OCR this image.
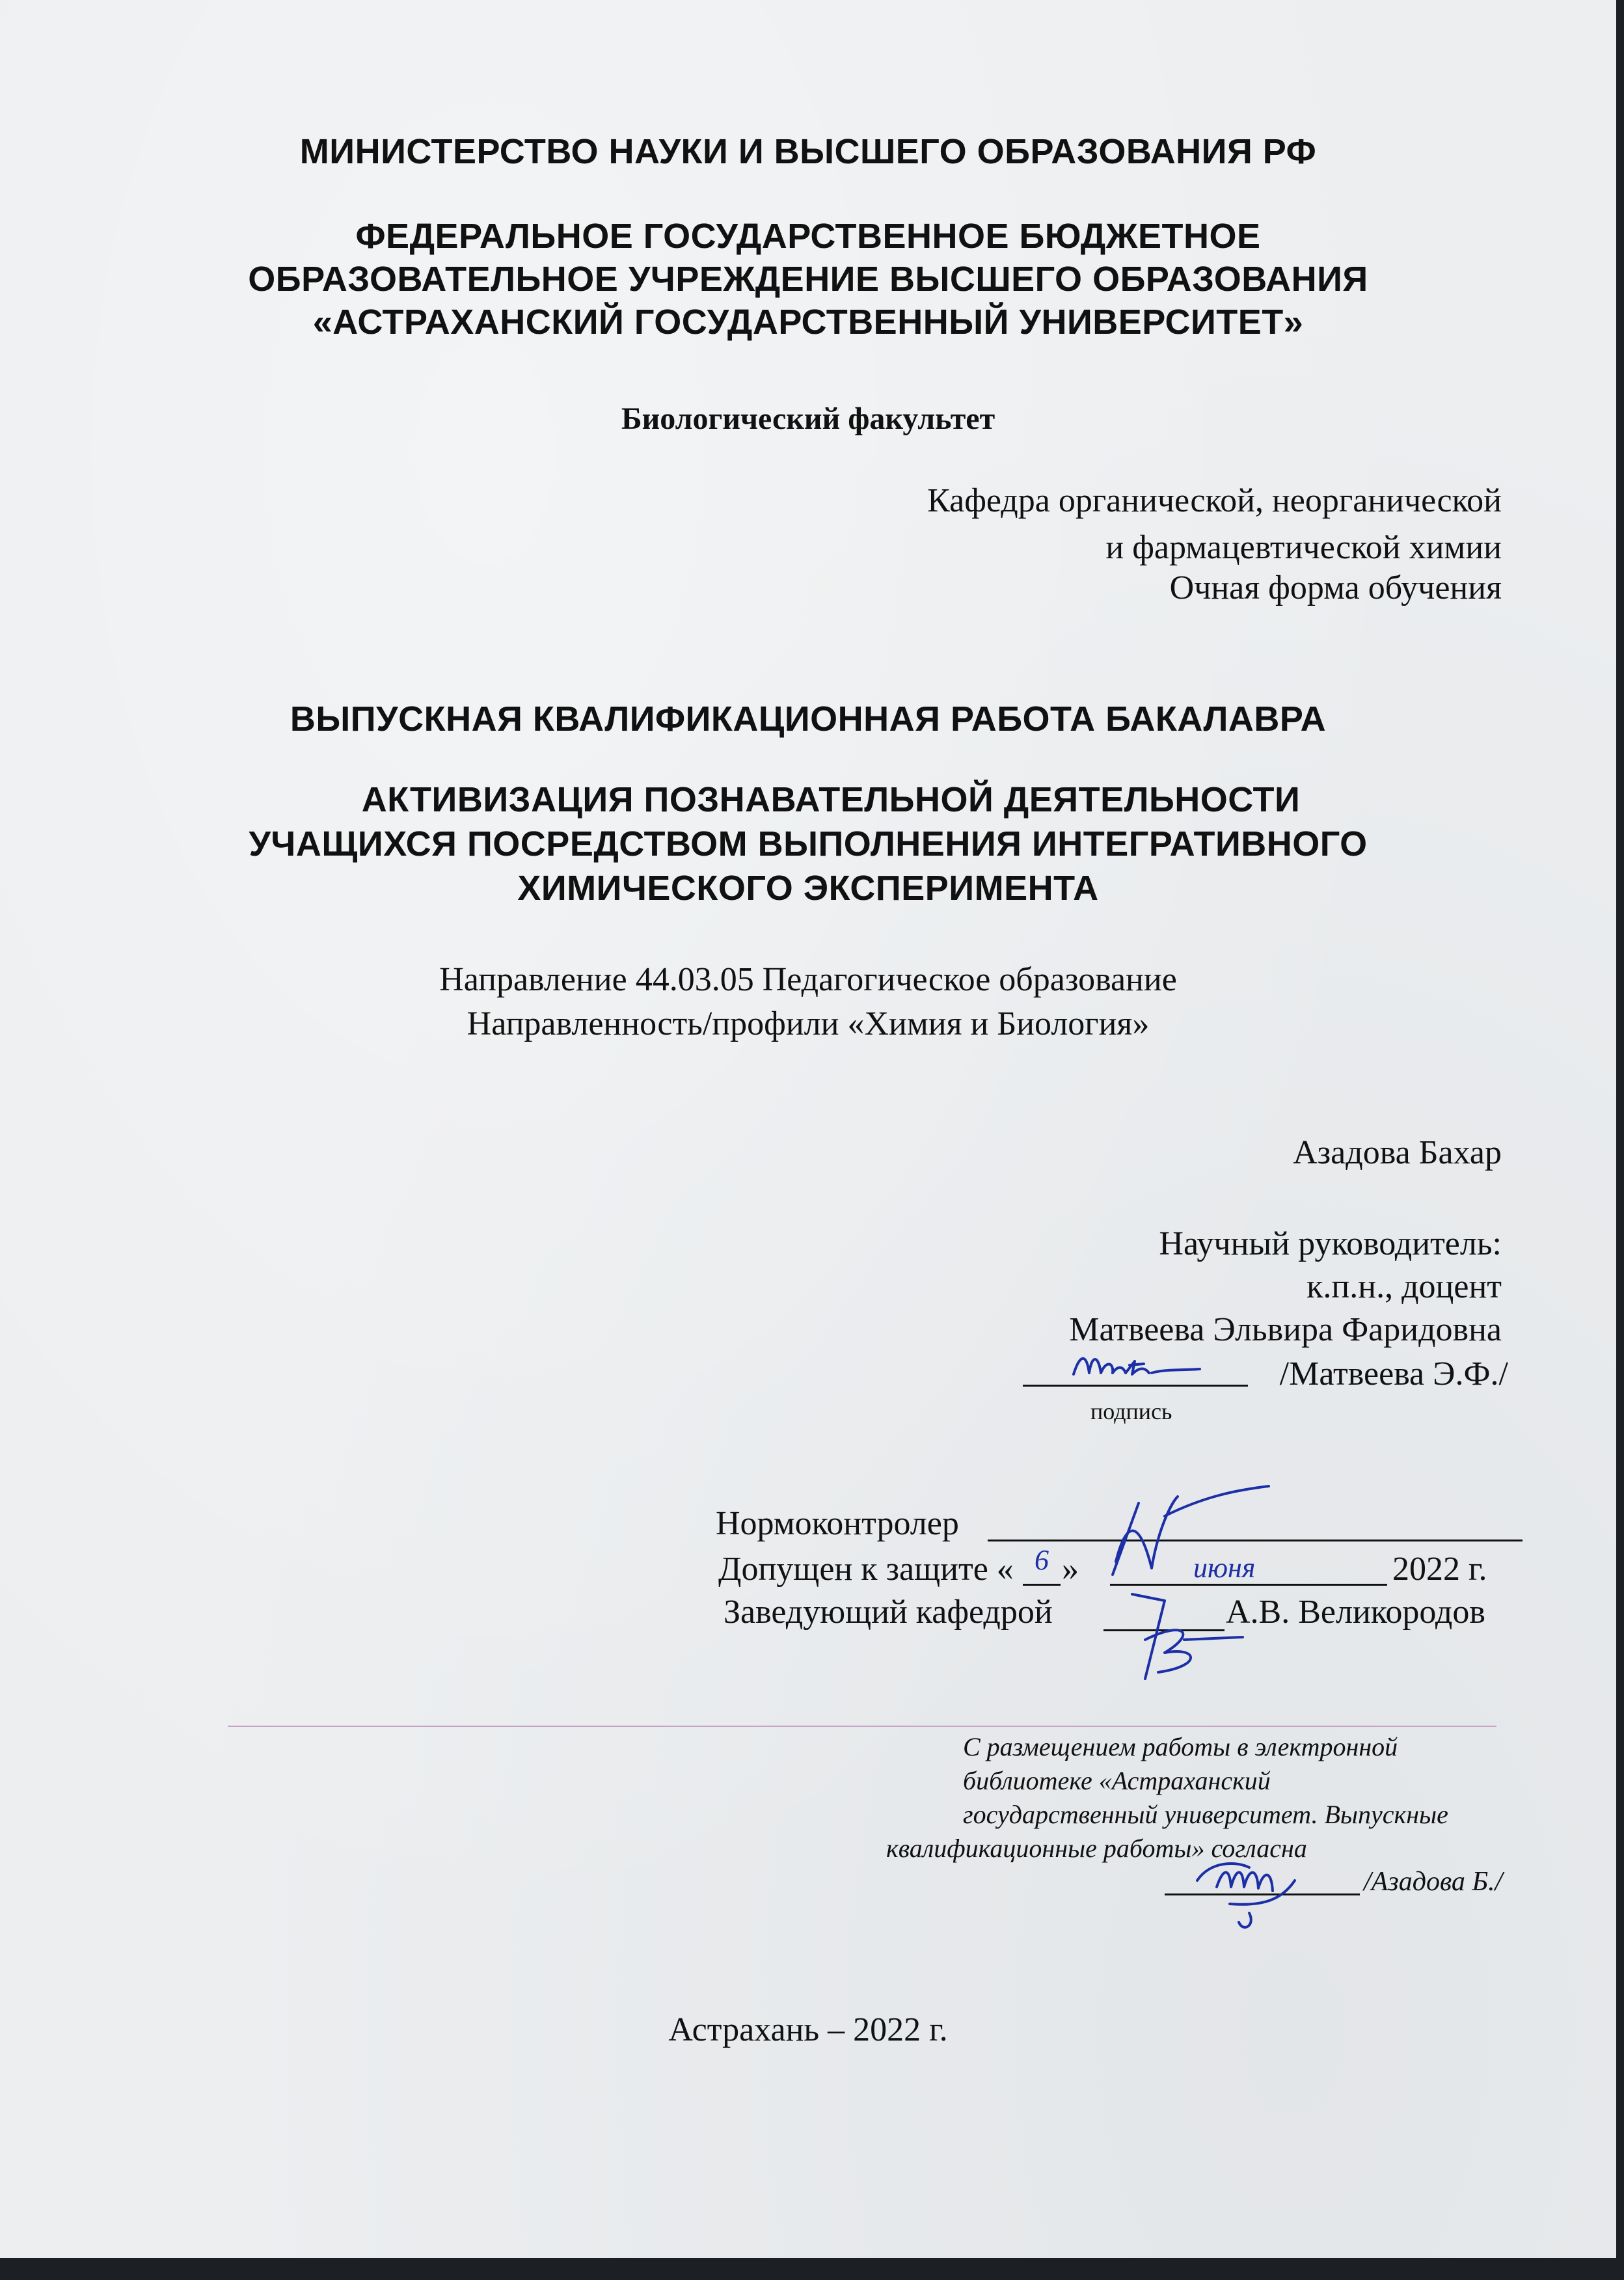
МИНИСТЕРСТВО НАУКИ И ВЫСШЕГО ОБРАЗОВАНИЯ РФ
ФЕДЕРАЛЬНОЕ ГОСУДАРСТВЕННОЕ БЮДЖЕТНОЕ
ОБРАЗОВАТЕЛЬНОЕ УЧРЕЖДЕНИЕ ВЫСШЕГО ОБРАЗОВАНИЯ
«АСТРАХАНСКИЙ ГОСУДАРСТВЕННЫЙ УНИВЕРСИТЕТ»
Биологический факультет
Кафедра органической, неорганической
и фармацевтической химии
Очная форма обучения
ВЫПУСКНАЯ КВАЛИФИКАЦИОННАЯ РАБОТА БАКАЛАВРА
АКТИВИЗАЦИЯ ПОЗНАВАТЕЛЬНОЙ ДЕЯТЕЛЬНОСТИ
УЧАЩИХСЯ ПОСРЕДСТВОМ ВЫПОЛНЕНИЯ ИНТЕГРАТИВНОГО
ХИМИЧЕСКОГО ЭКСПЕРИМЕНТА
Направление 44.03.05 Педагогическое образование
Направленность/профили «Химия и Биология»
Азадова Бахар
Научный руководитель:
к.п.н., доцент
Матвеева Эльвира Фаридовна
/Матвеева Э.Ф./
подпись
Нормоконтролер
Допущен к защите « 6 »	июня	2022 г.
Заведующий кафедрой	А.В. Великородов
С размещением работы в электронной
библиотеке «Астраханский
государственный университет. Выпускные
квалификационные работы» согласна
/Азадова Б./
Астрахань – 2022 г.
